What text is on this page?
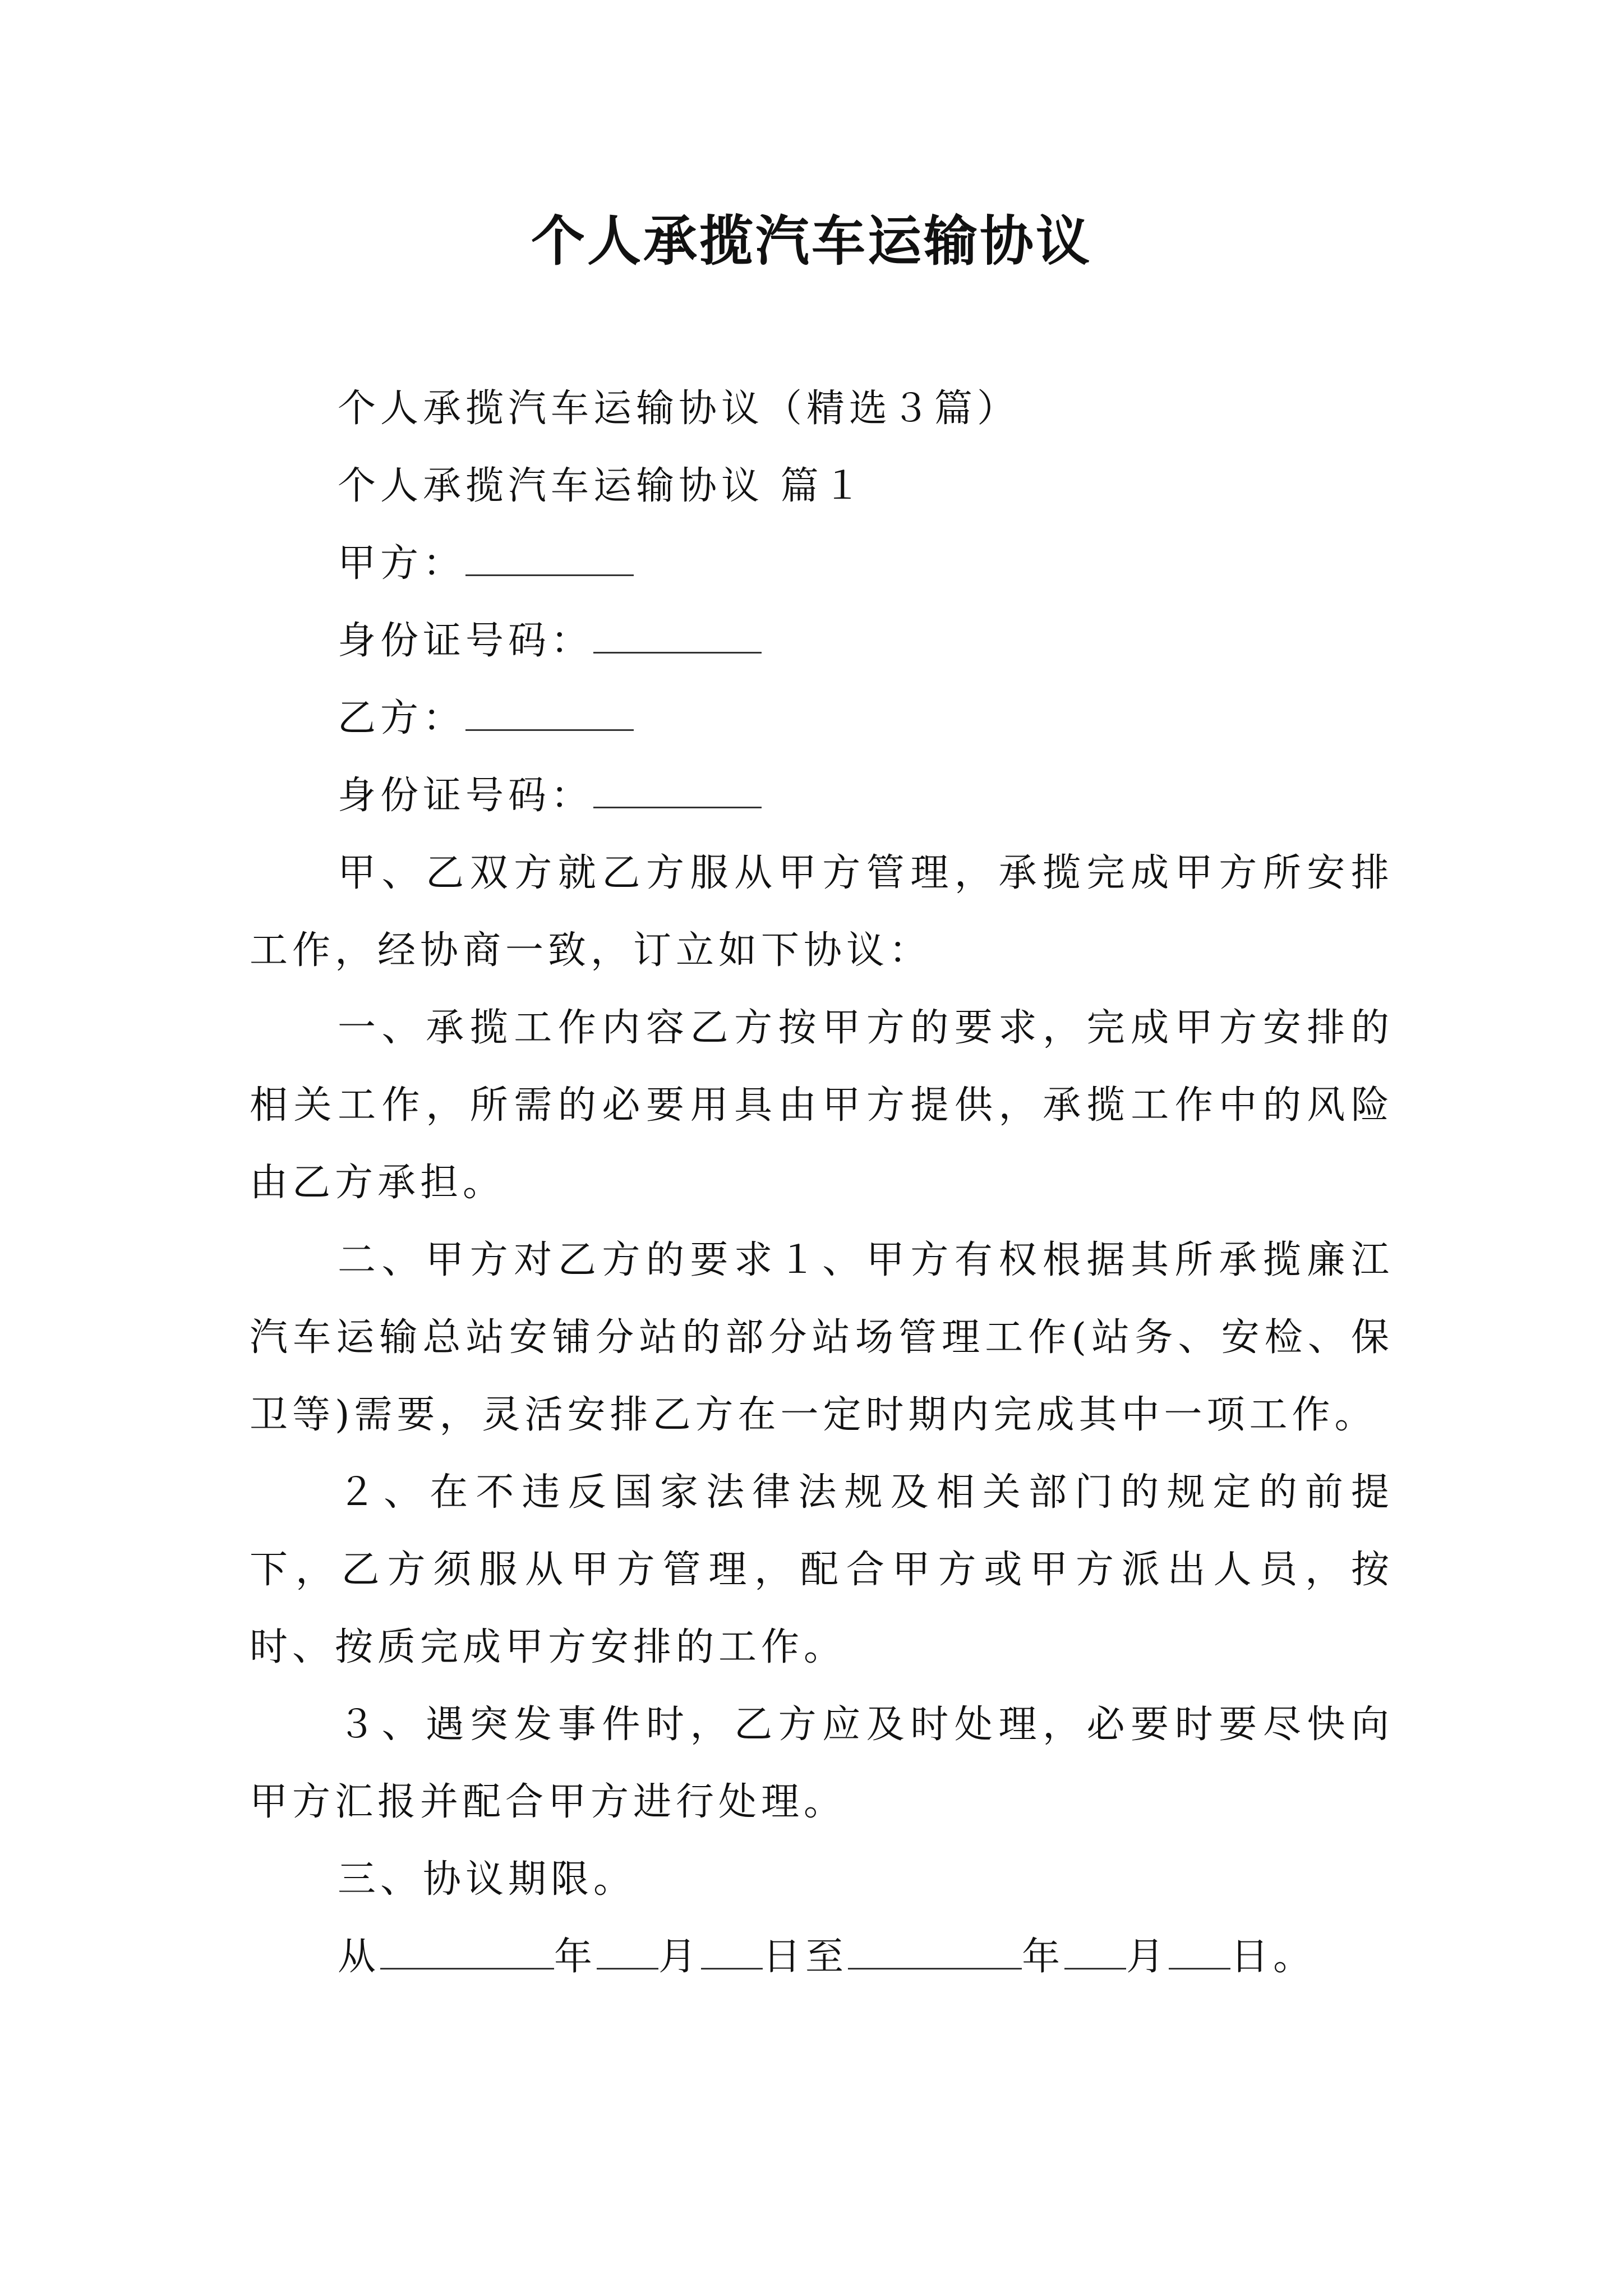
个人承揽汽车运输协议

个人承揽汽车运输协议（精选３篇）

个人承揽汽车运输协议 篇１

甲方：

身份证号码：

乙方：

身份证号码：

甲、乙双方就乙方服从甲方管理，承揽完成甲方所安排工作，经协商一致，订立如下协议：

一、承揽工作内容乙方按甲方的要求，完成甲方安排的相关工作，所需的必要用具由甲方提供，承揽工作中的风险由乙方承担。

二、甲方对乙方的要求１、甲方有权根据其所承揽廉江汽车运输总站安铺分站的部分站场管理工作(站务、安检、保卫等)需要，灵活安排乙方在一定时期内完成其中一项工作。

２、在不违反国家法律法规及相关部门的规定的前提下，乙方须服从甲方管理，配合甲方或甲方派出人员，按时、按质完成甲方安排的工作。

３、遇突发事件时，乙方应及时处理，必要时要尽快向甲方汇报并配合甲方进行处理。

三、协议期限。

从	年 月 日至	年 月 日。
